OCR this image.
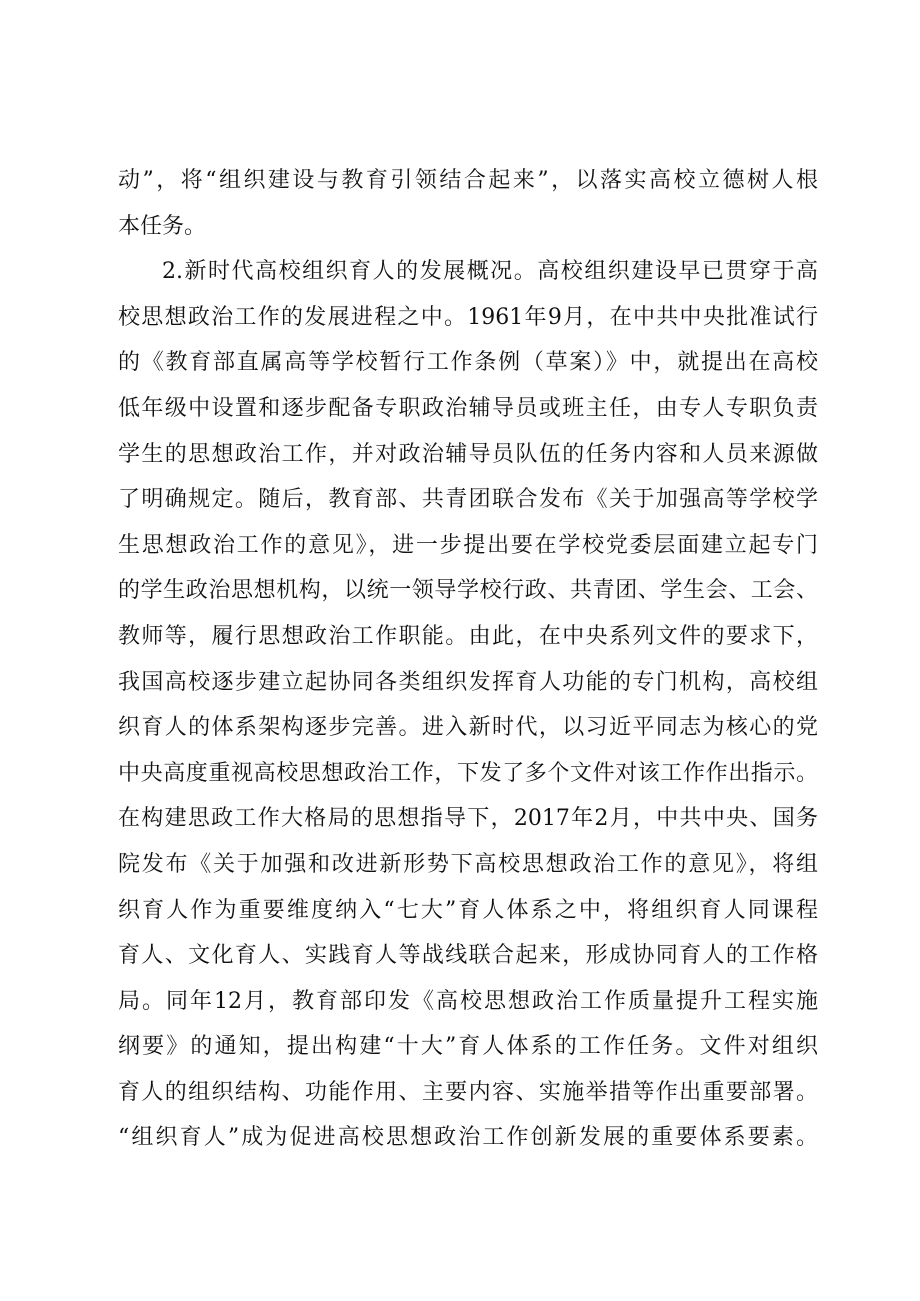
动”，将“组织建设与教育引领结合起来”，以落实高校立德树人根
本任务。
2.新时代高校组织育人的发展概况。高校组织建设早已贯穿于高
校思想政治工作的发展进程之中。1961年9月，在中共中央批准试行
的《教育部直属高等学校暂行工作条例（草案）》中，就提出在高校
低年级中设置和逐步配备专职政治辅导员或班主任，由专人专职负责
学生的思想政治工作，并对政治辅导员队伍的任务内容和人员来源做
了明确规定。随后，教育部、共青团联合发布《关于加强高等学校学
生思想政治工作的意见》，进一步提出要在学校党委层面建立起专门
的学生政治思想机构，以统一领导学校行政、共青团、学生会、工会、
教师等，履行思想政治工作职能。由此，在中央系列文件的要求下，
我国高校逐步建立起协同各类组织发挥育人功能的专门机构，高校组
织育人的体系架构逐步完善。进入新时代，以习近平同志为核心的党
中央高度重视高校思想政治工作，下发了多个文件对该工作作出指示。
在构建思政工作大格局的思想指导下，2017年2月，中共中央、国务
院发布《关于加强和改进新形势下高校思想政治工作的意见》，将组
织育人作为重要维度纳入“七大”育人体系之中，将组织育人同课程
育人、文化育人、实践育人等战线联合起来，形成协同育人的工作格
局。同年12月，教育部印发《高校思想政治工作质量提升工程实施
纲要》的通知，提出构建“十大”育人体系的工作任务。文件对组织
育人的组织结构、功能作用、主要内容、实施举措等作出重要部署。
“组织育人”成为促进高校思想政治工作创新发展的重要体系要素。
